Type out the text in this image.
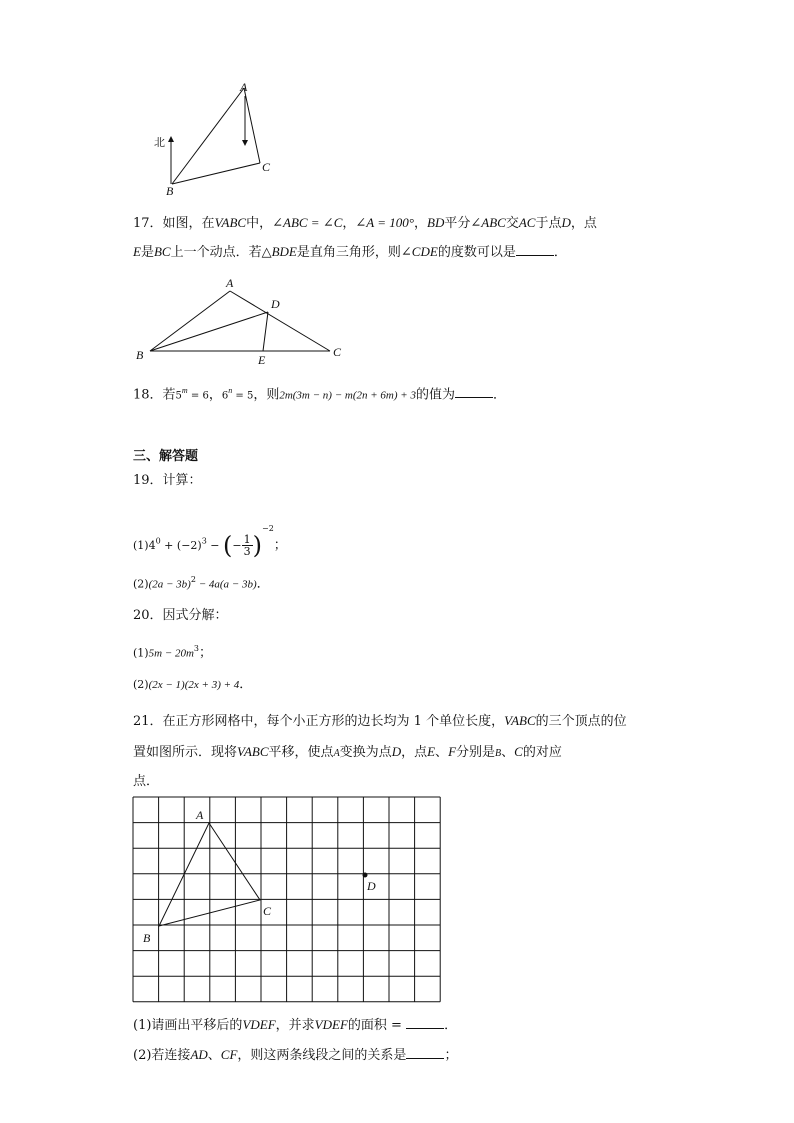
A
B
C
北
17．如图，在VABC中，∠ABC = ∠C，∠A = 100°，BD平分∠ABC交AC于点D，点
E是BC上一个动点．若△BDE是直角三角形，则∠CDE的度数可以是	．
A
B	C
D
E
18．若$5^m = 6$，$6^n = 5$，则2m(3m − n) − m(2n + 6m) + 3的值为	．
三、解答题
19．计算：
$(1)4^0 + (-2)^3$ − (− $\frac{1}{3} )^{-2}$；
$(2)(2a - 3b)^2 - 4a(a - 3b)$．
20．因式分解：
$(1)5m - 20m^3$；
(2)(2x − 1)(2x + 3) + 4．
21．在正方形网格中，每个小正方形的边长均为 1 个单位长度，VABC的三个顶点的位
置如图所示．现将VABC平移，使点A变换为点D，点E、F分别是B、C的对应
点．
A
B
C
D
(1)请画出平移后的VDEF，并求VDEF的面积 =	．
(2)若连接AD、CF，则这两条线段之间的关系是	；
